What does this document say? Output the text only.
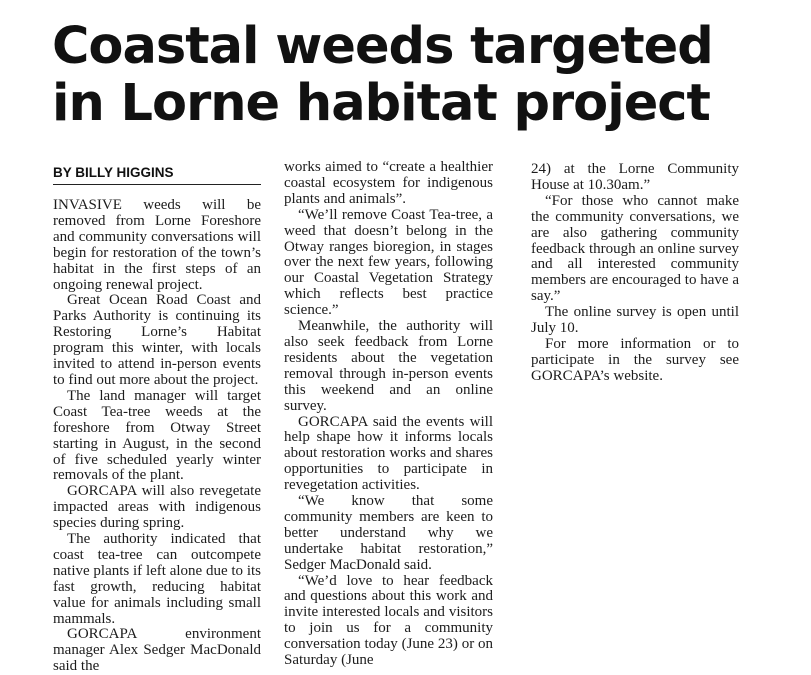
Coastal weeds targeted
in Lorne habitat project
BY BILLY HIGGINS

INVASIVE weeds will be removed from Lorne Foreshore and community conversations will begin for restoration of the town’s habitat in the first steps of an ongoing renewal project.

Great Ocean Road Coast and Parks Authority is continuing its Restoring Lorne’s Habitat program this winter, with locals invited to attend in-person events to find out more about the project.

The land manager will target Coast Tea-tree weeds at the foreshore from Otway Street starting in August, in the second of five scheduled yearly winter removals of the plant.

GORCAPA will also revegetate impacted areas with indigenous species during spring.

The authority indicated that coast tea-tree can outcompete native plants if left alone due to its fast growth, reducing habitat value for animals including small mammals.

GORCAPA environment manager Alex Sedger MacDonald said the

works aimed to “create a healthier coastal ecosystem for indigenous plants and animals”.

“We’ll remove Coast Tea-tree, a weed that doesn’t belong in the Otway ranges bioregion, in stages over the next few years, following our Coastal Vegetation Strategy which reflects best practice science.”

Meanwhile, the authority will also seek feedback from Lorne residents about the vegetation removal through in-person events this weekend and an online survey.

GORCAPA said the events will help shape how it informs locals about restoration works and shares opportunities to participate in revegetation activities.

“We know that some community members are keen to better understand why we undertake habitat restoration,” Sedger MacDonald said.

“We’d love to hear feedback and questions about this work and invite interested locals and visitors to join us for a community conversation today (June 23) or on Saturday (June

24) at the Lorne Community House at 10.30am.”

“For those who cannot make the community conversations, we are also gathering community feedback through an online survey and all interested community members are encouraged to have a say.”

The online survey is open until July 10.

For more information or to participate in the survey see GORCAPA’s website.
